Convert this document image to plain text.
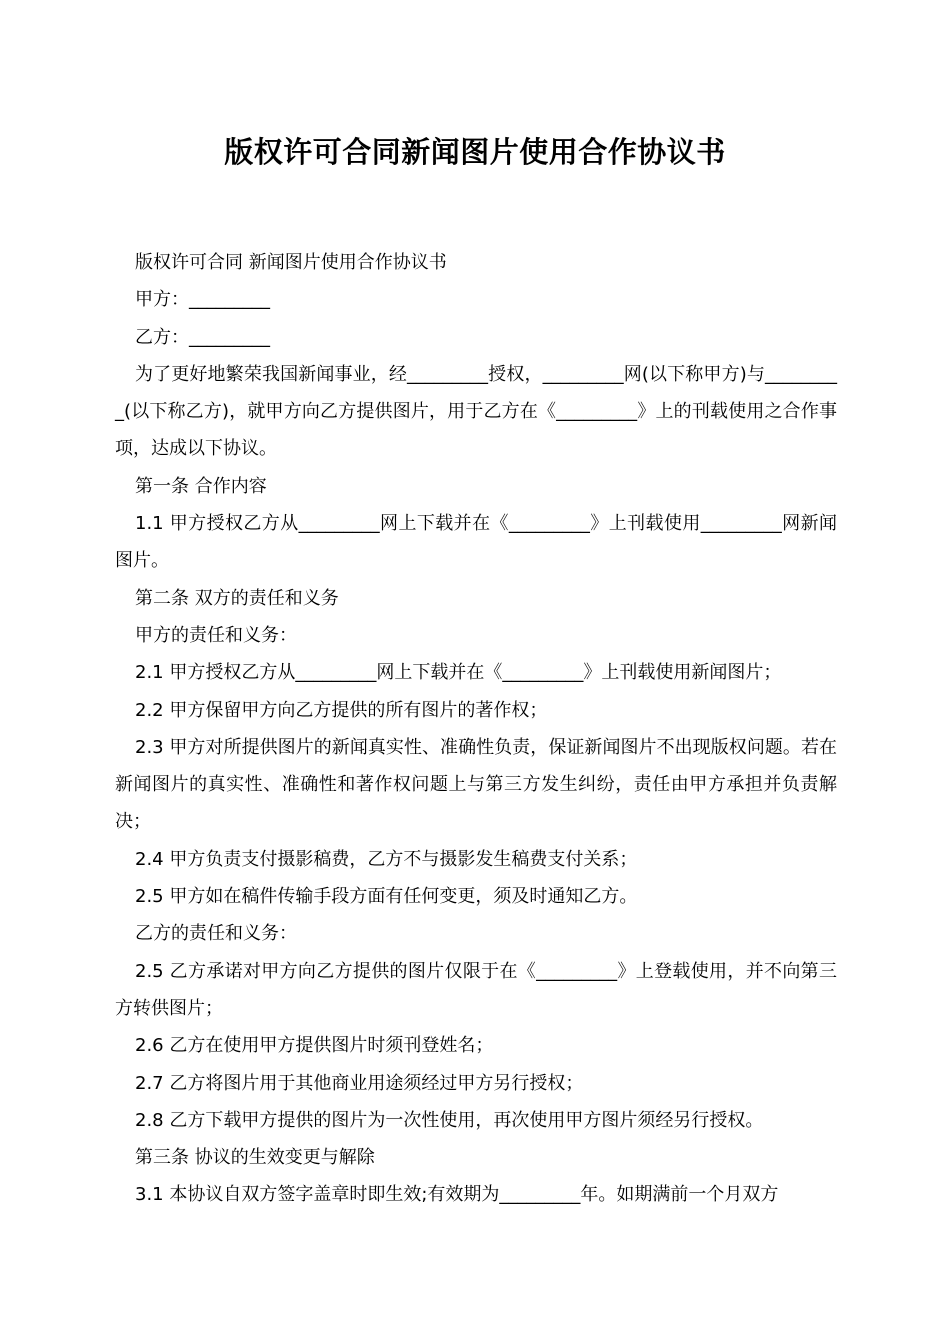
版权许可合同新闻图片使用合作协议书

版权许可合同 新闻图片使用合作协议书

甲方：_________

乙方：_________

为了更好地繁荣我国新闻事业，经_________授权，_________网(以下称甲方)与_________(以下称乙方)，就甲方向乙方提供图片，用于乙方在《_________》上的刊载使用之合作事项，达成以下协议。

第一条 合作内容

1.1 甲方授权乙方从_________网上下载并在《_________》上刊载使用_________网新闻图片。

第二条 双方的责任和义务

甲方的责任和义务：

2.1 甲方授权乙方从_________网上下载并在《_________》上刊载使用新闻图片；

2.2 甲方保留甲方向乙方提供的所有图片的著作权；

2.3 甲方对所提供图片的新闻真实性、准确性负责，保证新闻图片不出现版权问题。若在新闻图片的真实性、准确性和著作权问题上与第三方发生纠纷，责任由甲方承担并负责解决；

2.4 甲方负责支付摄影稿费，乙方不与摄影发生稿费支付关系；

2.5 甲方如在稿件传输手段方面有任何变更，须及时通知乙方。

乙方的责任和义务：

2.5 乙方承诺对甲方向乙方提供的图片仅限于在《_________》上登载使用，并不向第三方转供图片；

2.6 乙方在使用甲方提供图片时须刊登姓名；

2.7 乙方将图片用于其他商业用途须经过甲方另行授权；

2.8 乙方下载甲方提供的图片为一次性使用，再次使用甲方图片须经另行授权。

第三条 协议的生效变更与解除

3.1 本协议自双方签字盖章时即生效;有效期为_________年。如期满前一个月双方
